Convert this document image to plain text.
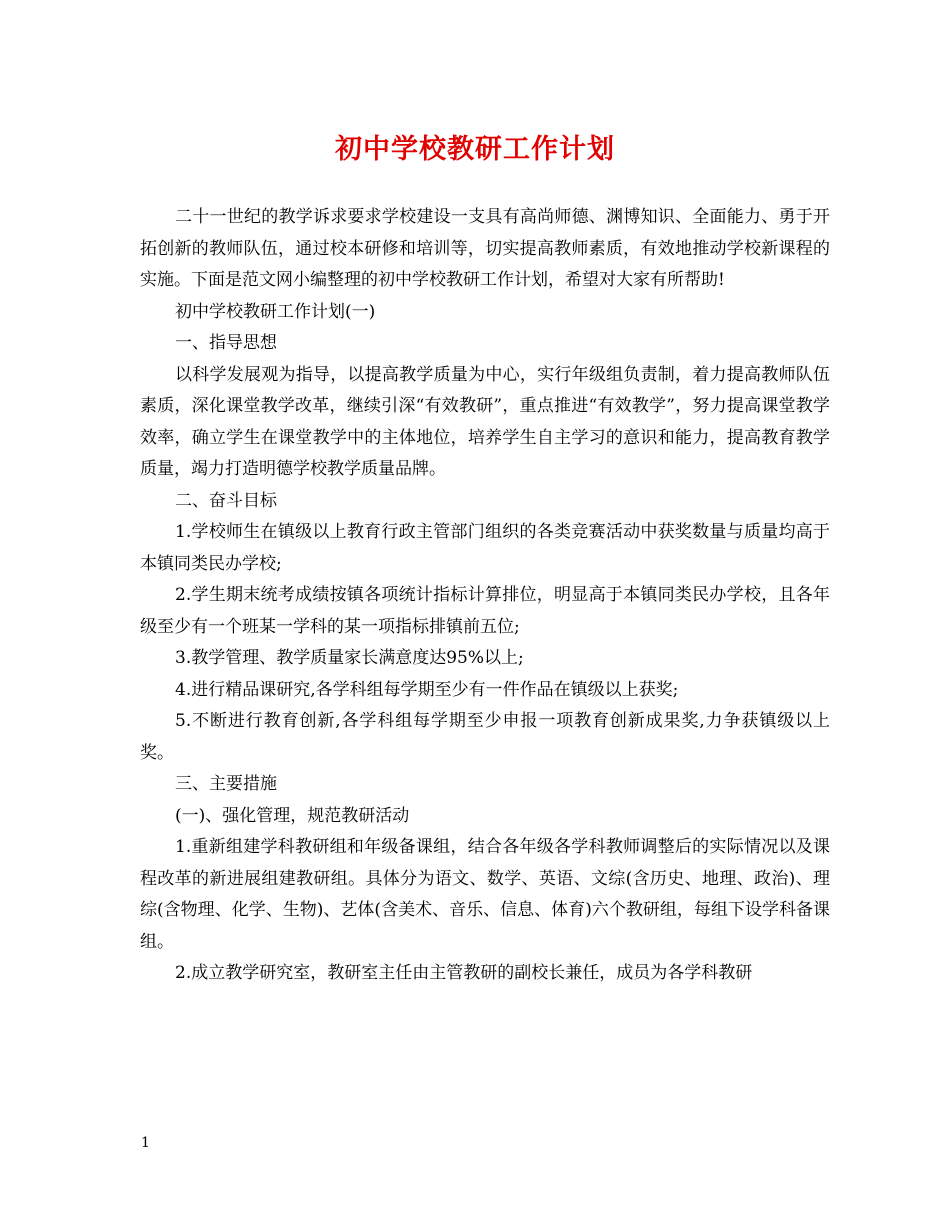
初中学校教研工作计划

二十一世纪的教学诉求要求学校建设一支具有高尚师德、渊博知识、全面能力、勇于开拓创新的教师队伍，通过校本研修和培训等，切实提高教师素质，有效地推动学校新课程的实施。下面是范文网小编整理的初中学校教研工作计划，希望对大家有所帮助!

初中学校教研工作计划(一)

一、指导思想

以科学发展观为指导，以提高教学质量为中心，实行年级组负责制，着力提高教师队伍素质，深化课堂教学改革，继续引深“有效教研”，重点推进“有效教学”，努力提高课堂教学效率，确立学生在课堂教学中的主体地位，培养学生自主学习的意识和能力，提高教育教学质量，竭力打造明德学校教学质量品牌。

二、奋斗目标

1.学校师生在镇级以上教育行政主管部门组织的各类竞赛活动中获奖数量与质量均高于本镇同类民办学校;

2.学生期末统考成绩按镇各项统计指标计算排位，明显高于本镇同类民办学校，且各年级至少有一个班某一学科的某一项指标排镇前五位;

3.教学管理、教学质量家长满意度达95%以上;

4.进行精品课研究,各学科组每学期至少有一件作品在镇级以上获奖;

5.不断进行教育创新,各学科组每学期至少申报一项教育创新成果奖,力争获镇级以上奖。

三、主要措施

(一)、强化管理，规范教研活动

1.重新组建学科教研组和年级备课组，结合各年级各学科教师调整后的实际情况以及课程改革的新进展组建教研组。具体分为语文、数学、英语、文综(含历史、地理、政治)、理综(含物理、化学、生物)、艺体(含美术、音乐、信息、体育)六个教研组，每组下设学科备课组。

2.成立教学研究室，教研室主任由主管教研的副校长兼任，成员为各学科教研

1
